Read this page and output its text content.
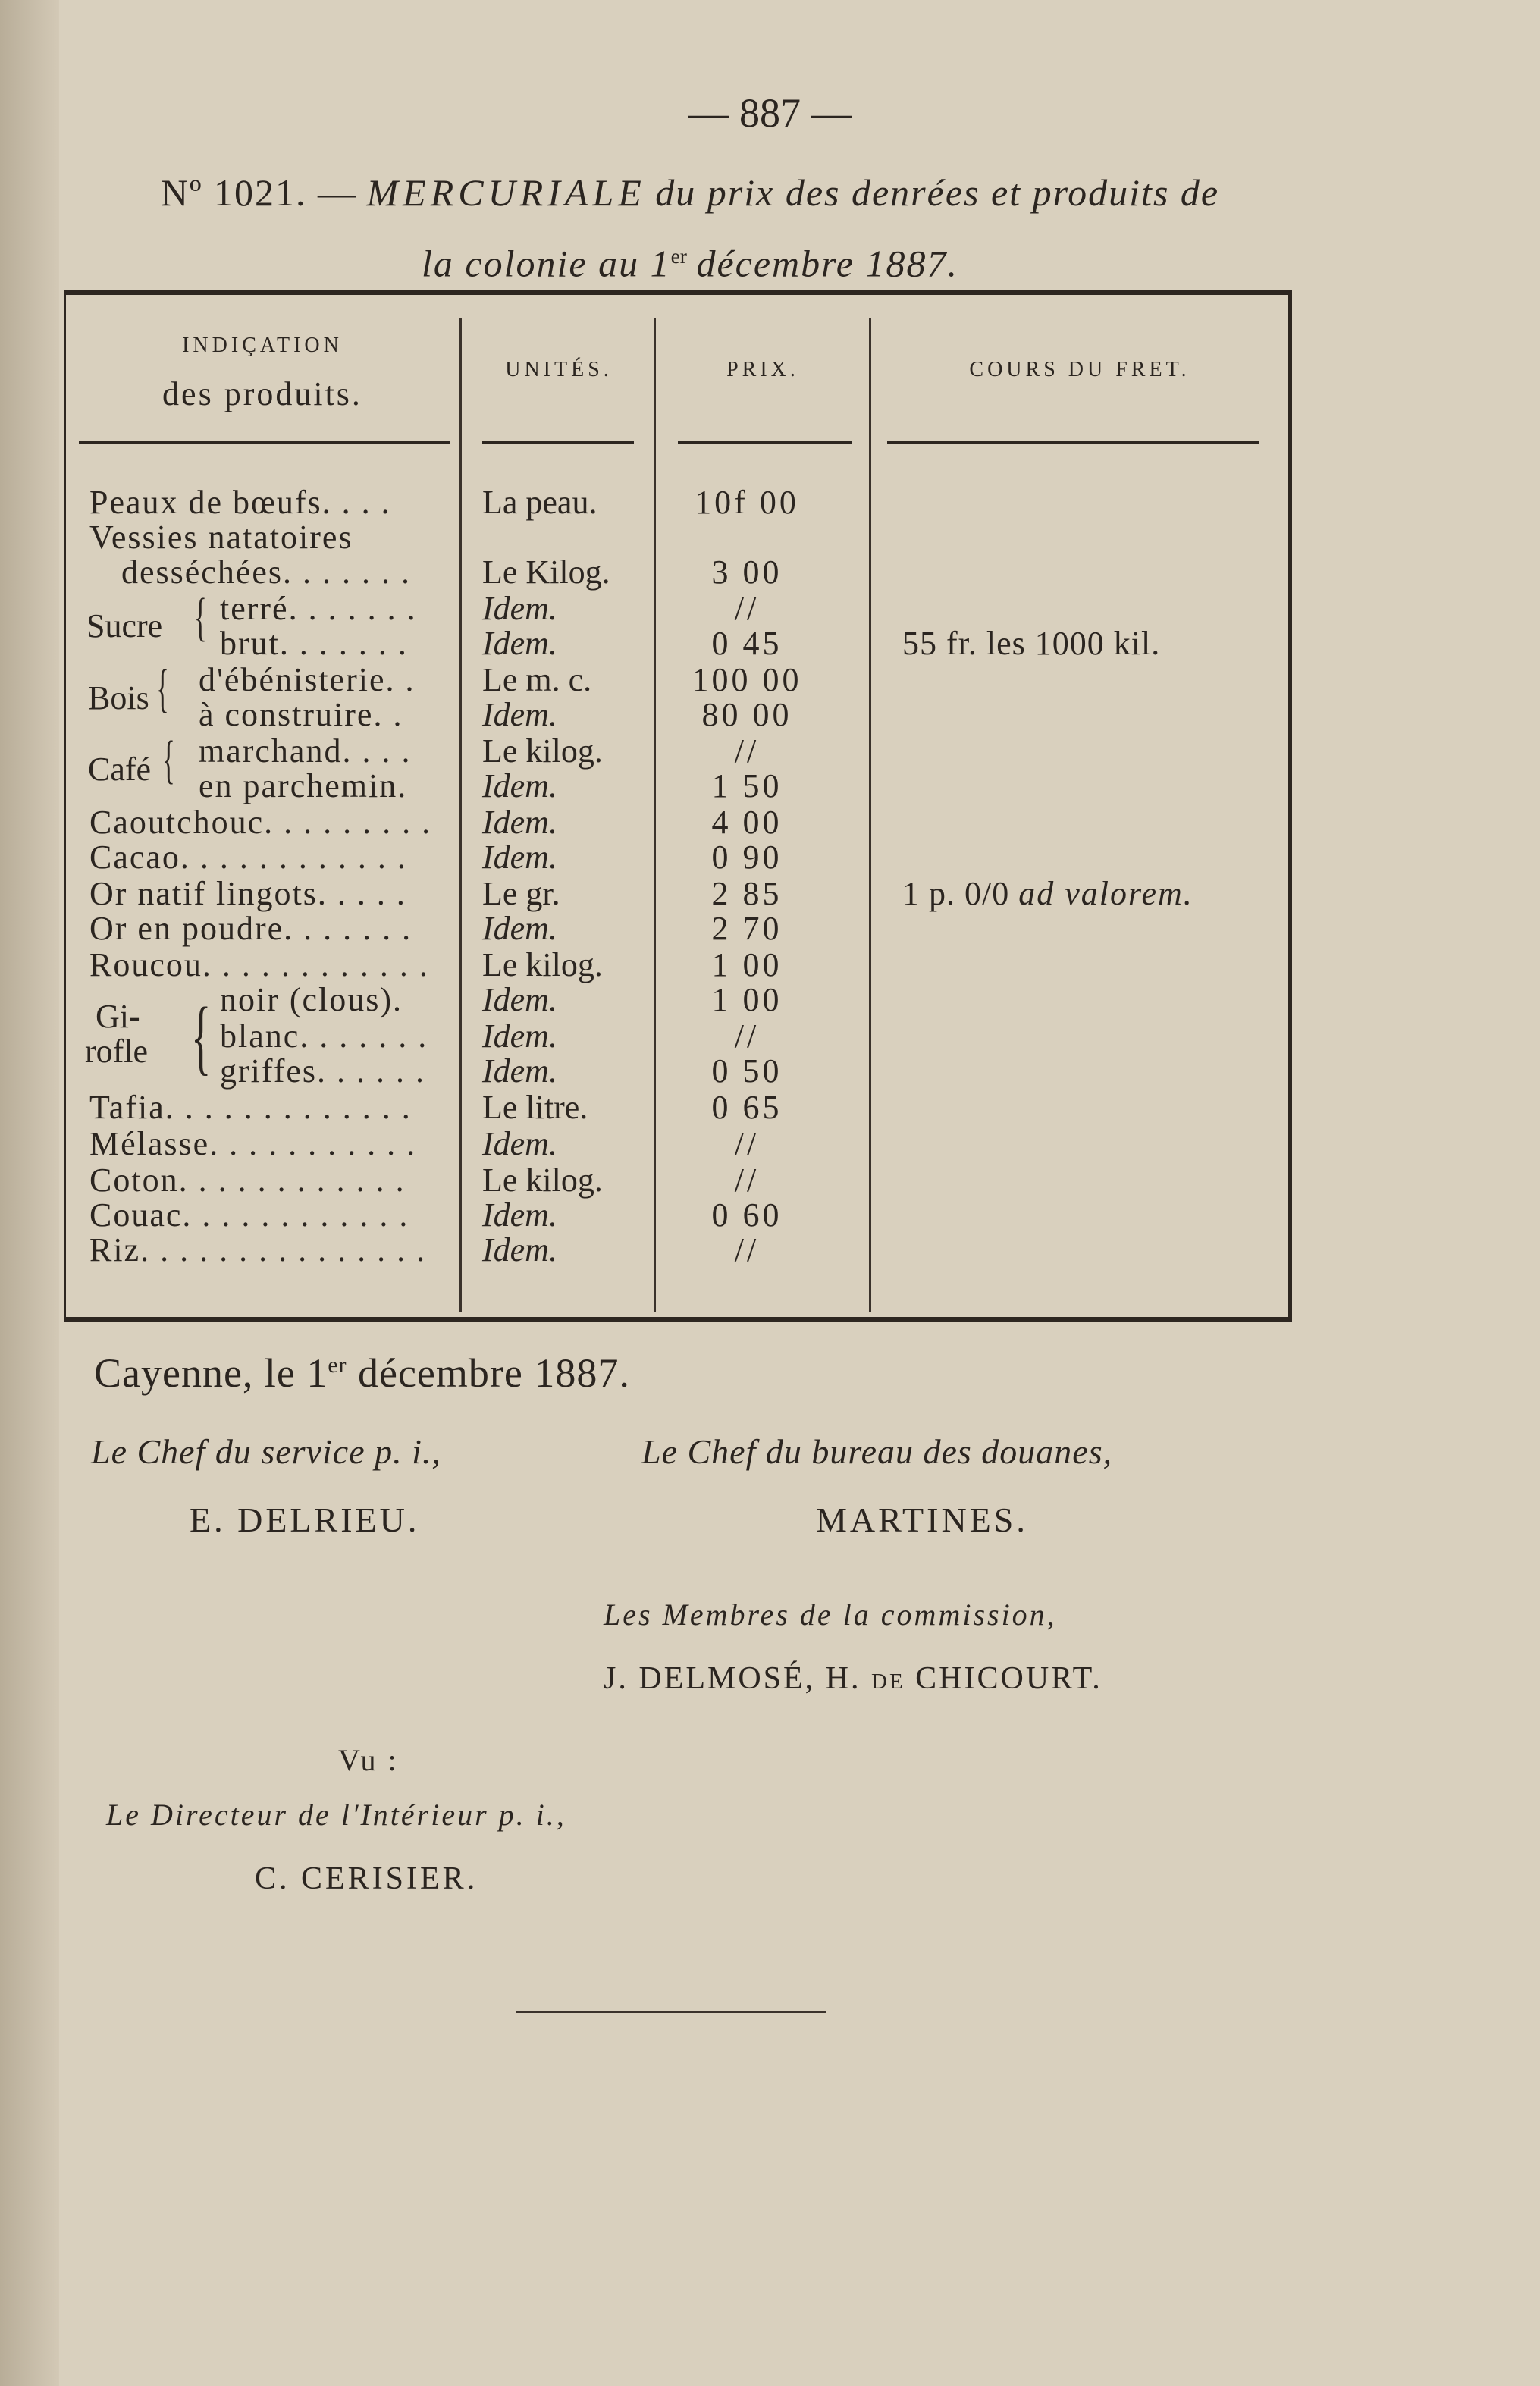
— 887 —
Nº 1021. — MERCURIALE du prix des denrées et produits de
la colonie au 1er décembre 1887.
INDIÇATION
des produits.
UNITÉS.	PRIX.	COURS DU FRET.
Peaux de bœufs. . . .	La peau.	10f 00
Vessies natatoires
desséchées. . . . . . . Le Kilog.	3 00
Sucre { terré. . . . . . . Idem.	//
brut. . . . . . . Idem.	0 45	55 fr. les 1000 kil.
Bois { d'ébénisterie. . Le m. c.	100 00
à construire. . Idem.	80 00
Café { marchand. . . . Le kilog.	//
en parchemin. Idem.	1 50
Caoutchouc. . . . . . . . . Idem.	4 00
Cacao. . . . . . . . . . . . Idem.	0 90
Or natif lingots. . . . . Le gr.	2 85	1 p. 0/0 ad valorem.
Or en poudre. . . . . . . Idem.	2 70
Roucou. . . . . . . . . . . . Le kilog.	1 00
Gi-
rofle { noir (clous). Idem.	1 00
blanc. . . . . . . Idem.	//
griffes. . . . . . Idem.	0 50
Tafia. . . . . . . . . . . . . Le litre.	0 65
Mélasse. . . . . . . . . . . Idem.	//
Coton. . . . . . . . . . . . Le kilog.	//
Couac. . . . . . . . . . . . Idem.	0 60
Riz. . . . . . . . . . . . . . . Idem.	//
Cayenne, le 1er décembre 1887.
Le Chef du service p. i.,
E. DELRIEU.
Le Chef du bureau des douanes,
MARTINES.
Les Membres de la commission,
J. DELMOSÉ, H. de CHICOURT.
Vu :
Le Directeur de l'Intérieur p. i.,
C. CERISIER.
